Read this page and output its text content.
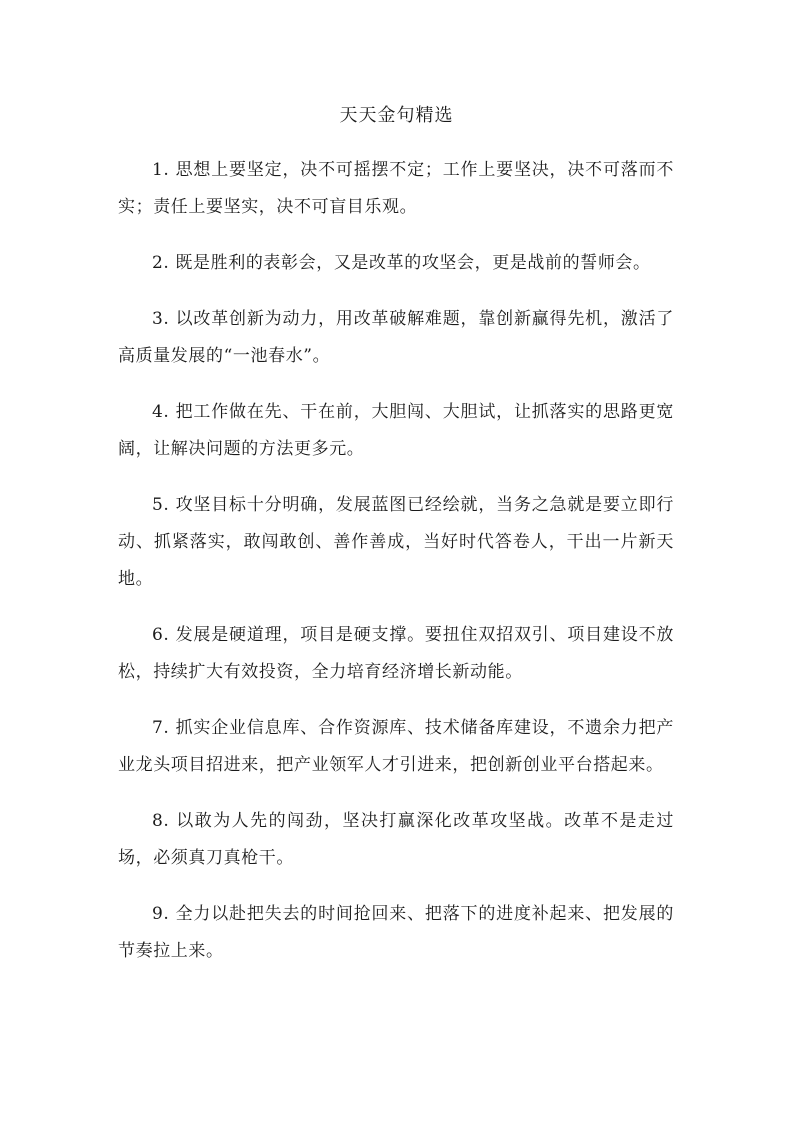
天天金句精选

1. 思想上要坚定，决不可摇摆不定；工作上要坚决，决不可落而不实；责任上要坚实，决不可盲目乐观。

2. 既是胜利的表彰会，又是改革的攻坚会，更是战前的誓师会。

3. 以改革创新为动力，用改革破解难题，靠创新赢得先机，激活了高质量发展的“一池春水”。

4. 把工作做在先、干在前，大胆闯、大胆试，让抓落实的思路更宽阔，让解决问题的方法更多元。

5. 攻坚目标十分明确，发展蓝图已经绘就，当务之急就是要立即行动、抓紧落实，敢闯敢创、善作善成，当好时代答卷人，干出一片新天地。

6. 发展是硬道理，项目是硬支撑。要扭住双招双引、项目建设不放松，持续扩大有效投资，全力培育经济增长新动能。

7. 抓实企业信息库、合作资源库、技术储备库建设，不遗余力把产业龙头项目招进来，把产业领军人才引进来，把创新创业平台搭起来。

8. 以敢为人先的闯劲，坚决打赢深化改革攻坚战。改革不是走过场，必须真刀真枪干。

9. 全力以赴把失去的时间抢回来、把落下的进度补起来、把发展的节奏拉上来。
